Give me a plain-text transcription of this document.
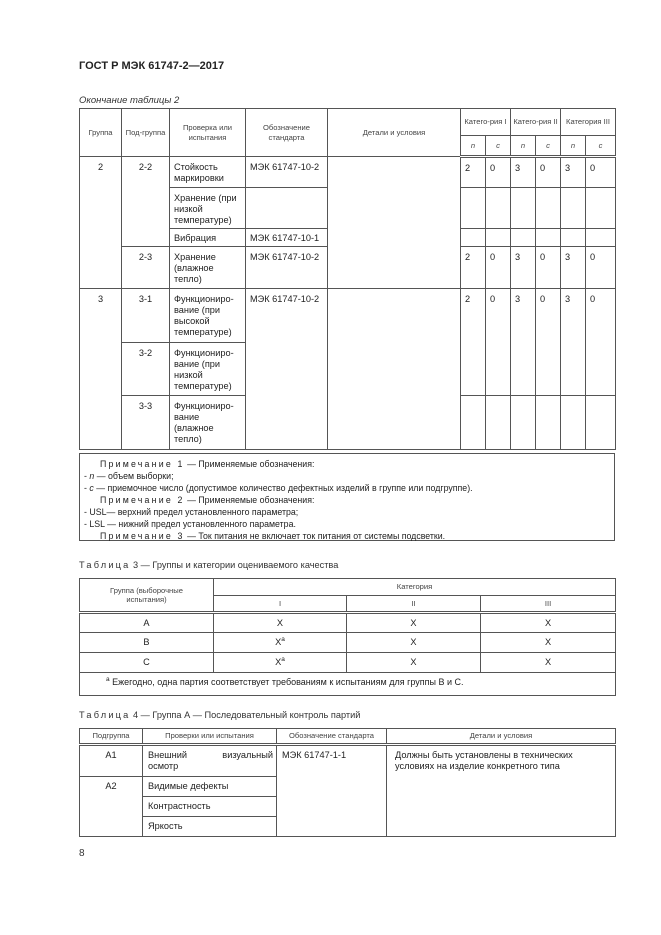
ГОСТ Р МЭК 61747-2—2017
Окончание таблицы 2
Группа	Под-группа	Проверка или испытания	Обозначение стандарта	Детали и условия	Катего-рия I		Катего-рия II		Категория III	
					n	c	n	c	n	c
2	2-2	Стойкость маркировки	МЭК 61747-10-2		2	0	3	0	3	0
		Хранение (при низкой температуре)								
		Вибрация	МЭК 61747-10-1							
	2-3	Хранение (влажное тепло)	МЭК 61747-10-2		2	0	3	0	3	0
3	3-1	Функциониро-вание (при высокой температуре)	МЭК 61747-10-2		2	0	3	0	3	0
	3-2	Функциониро-вание (при низкой температуре)								
	3-3	Функциониро-вание (влажное тепло)								
Примечание 1 — Применяемые обозначения:
- n — объем выборки;
- c — приемочное число (допустимое количество дефектных изделий в группе или подгруппе).
Примечание 2 — Применяемые обозначения:
- USL— верхний предел установленного параметра;
- LSL — нижний предел установленного параметра.
Примечание 3 — Ток питания не включает ток питания от системы подсветки.
Таблица 3 — Группы и категории оцениваемого качества
Группа (выборочные испытания)	Категория		
	I	II	III
A	X	X	X
B	$X^а$	X	X
C	$X^а$	X	X
$^а$ Ежегодно, одна партия соответствует требованиям к испытаниям для группы B и C.			
Таблица 4 — Группа А — Последовательный контроль партий
Подгруппа	Проверки или испытания	Обозначение стандарта	Детали и условия
A1	Внешний визуальный осмотр	МЭК 61747-1-1	Должны быть установлены в технических условиях на изделие конкретного типа
A2	Видимые дефекты		
	Контрастность		
	Яркость		
8
